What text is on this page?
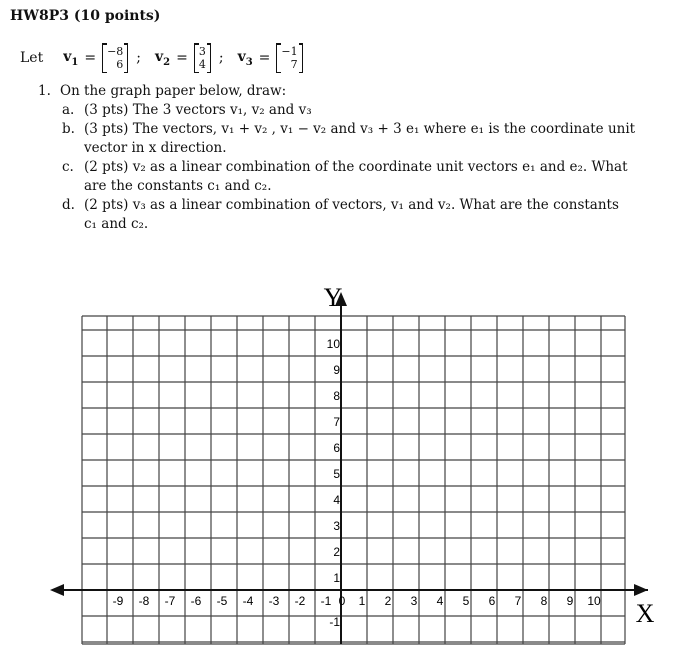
HW8P3 (10 points)
Let $v_1 = -8$
6 ; $v_2 = 3$
4 ; $v_3 = -1$
7
1. On the graph paper below, draw:
a. (3 pts) The 3 vectors v₁, v₂ and v₃
b. (3 pts) The vectors, v₁ + v₂ , v₁ − v₂ and v₃ + 3 e₁ where e₁ is the coordinate unit
vector in x direction.
c. (2 pts) v₂ as a linear combination of the coordinate unit vectors e₁ and e₂. What
are the constants c₁ and c₂.
d. (2 pts) v₃ as a linear combination of vectors, v₁ and v₂. What are the constants
c₁ and c₂.
Y
X
-9 -8 -7 -6 -5 -4 -3 -2 -1 0 1 2 3 4 5 6 7 8 9 10
10
9
8
7
6
5
4
3
2
1
-1
